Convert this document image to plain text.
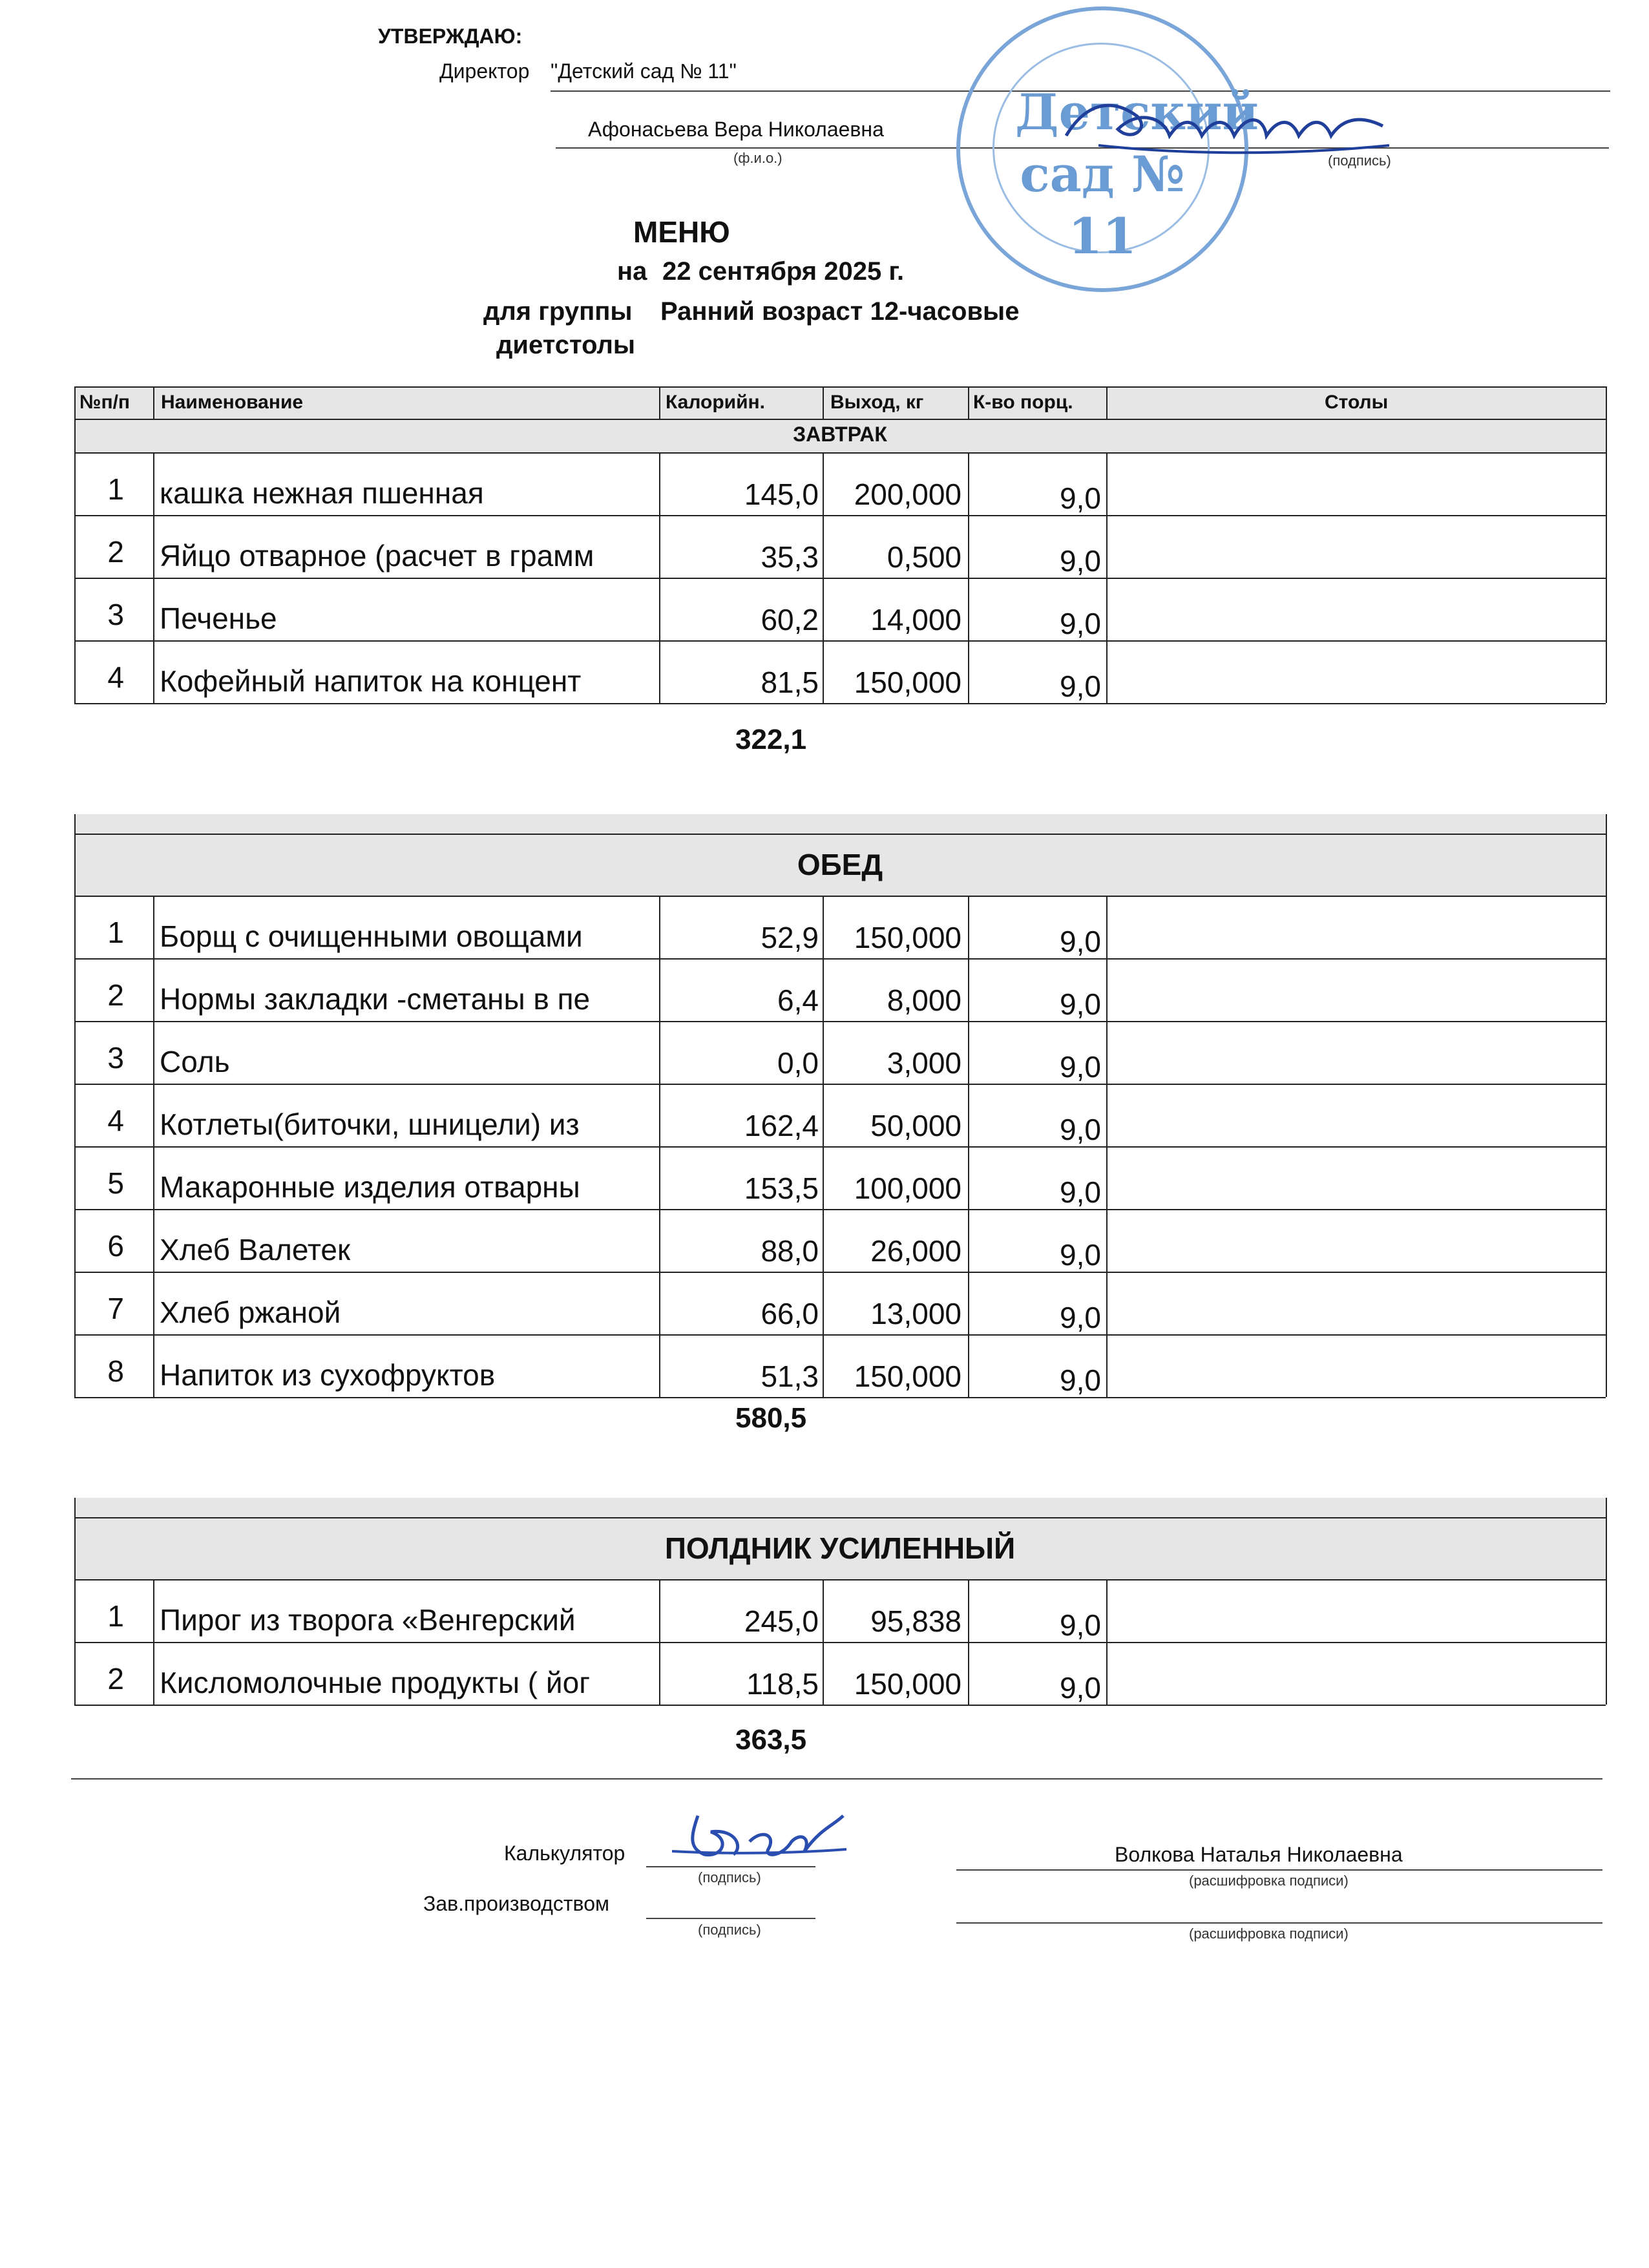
УТВЕРЖДАЮ:
Директор "Детский сад № 11"
Афонасьева Вера Николаевна
(ф.и.о.)	(подпись)
Детский сад № 11
МЕНЮ
на 22 сентября 2025 г.
для группы Ранний возраст 12-часовые
диетстолы
№п/п	Наименование	Калорийн.	Выход, кг	К-во порц.	Столы
ЗАВТРАК
1 кашка нежная пшенная	145,0	200,000	9,0
2 Яйцо отварное (расчет в грамм	35,3	0,500	9,0
3 Печенье	60,2	14,000	9,0
4 Кофейный напиток на концент	81,5	150,000	9,0
322,1
ОБЕД
1 Борщ с очищенными овощами	52,9	150,000	9,0
2 Нормы закладки -сметаны в пе	6,4	8,000	9,0
3 Соль	0,0	3,000	9,0
4 Котлеты(биточки, шницели) из	162,4	50,000	9,0
5 Макаронные изделия отварны	153,5	100,000	9,0
6 Хлеб Валетек	88,0	26,000	9,0
7 Хлеб ржаной	66,0	13,000	9,0
8 Напиток из сухофруктов	51,3	150,000	9,0
580,5
ПОЛДНИК УСИЛЕННЫЙ
1 Пирог из творога «Венгерский	245,0	95,838	9,0
2 Кисломолочные продукты ( йог	118,5	150,000	9,0
363,5
Калькулятор
(подпись)
Волкова Наталья Николаевна
(расшифровка подписи)
Зав.производством
(подпись)	(расшифровка подписи)
